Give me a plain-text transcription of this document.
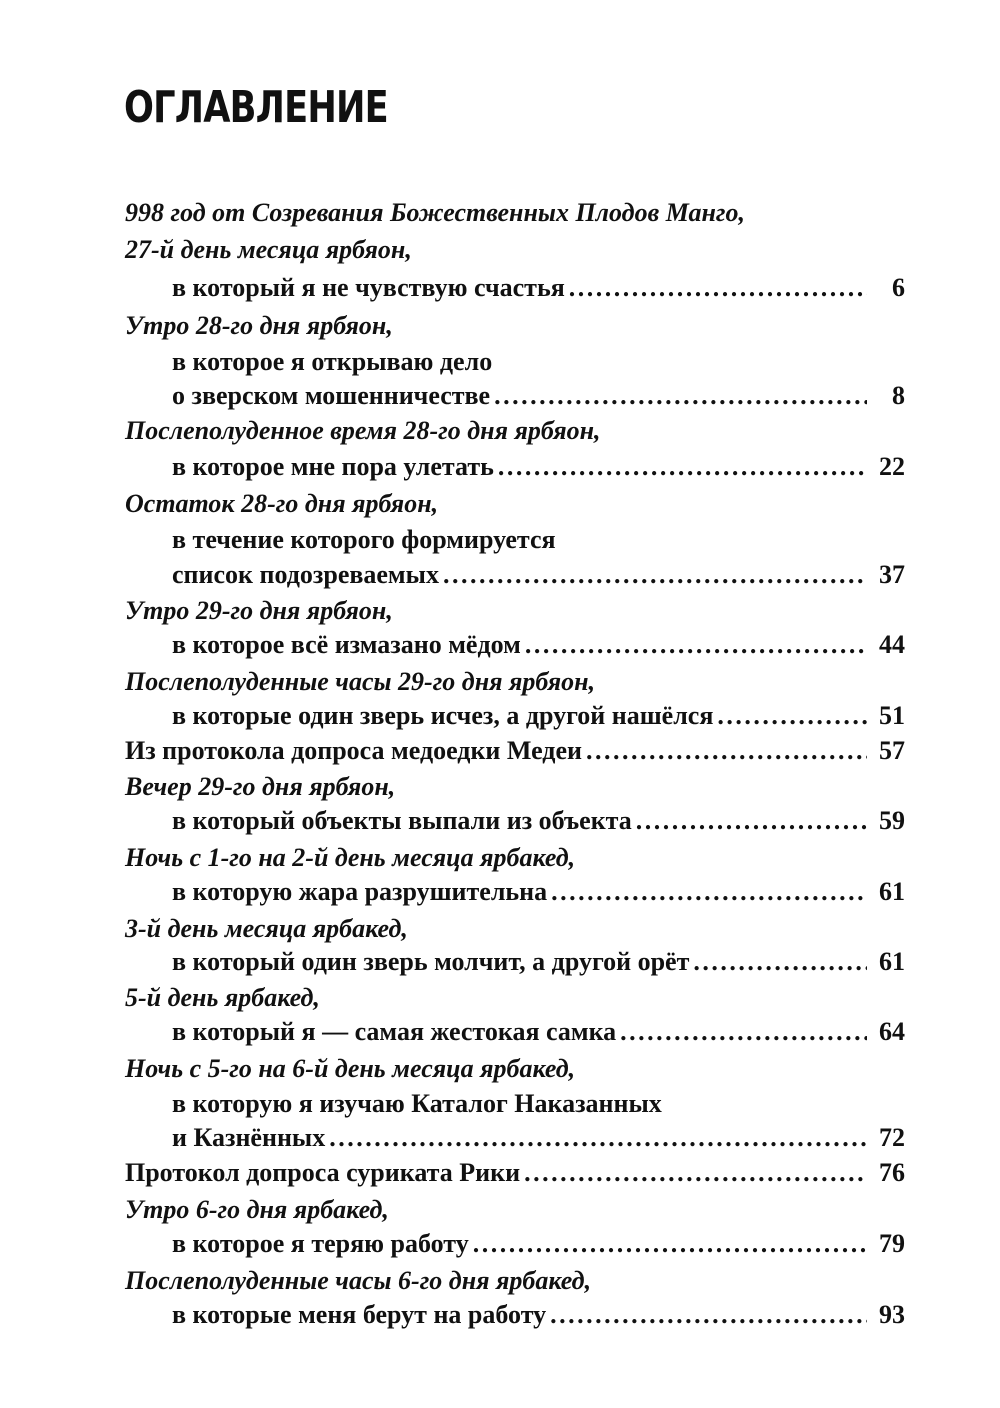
ОГЛАВЛЕНИЕ
998 год от Созревания Божественных Плодов Манго,
27-й день месяца ярбяон,
в который я не чувствую счастья . . .	6
Утро 28-го дня ярбяон,
в которое я открываю дело
о зверском мошенничестве . . .	8
Послеполуденное время 28-го дня ярбяон,
в которое мне пора улетать . . .	22
Остаток 28-го дня ярбяон,
в течение которого формируется
список подозреваемых . . .	37
Утро 29-го дня ярбяон,
в которое всё измазано мёдом . . .	44
Послеполуденные часы 29-го дня ярбяон,
в которые один зверь исчез, а другой нашёлся . . .	51
Из протокола допроса медоедки Медеи . . .	57
Вечер 29-го дня ярбяон,
в который объекты выпали из объекта . . .	59
Ночь с 1-го на 2-й день месяца ярбакед,
в которую жара разрушительна . . .	61
3-й день месяца ярбакед,
в который один зверь молчит, а другой орёт . . .	61
5-й день ярбакед,
в который я — самая жестокая самка . . .	64
Ночь с 5-го на 6-й день месяца ярбакед,
в которую я изучаю Каталог Наказанных
и Казнённых . . .	72
Протокол допроса суриката Рики . . .	76
Утро 6-го дня ярбакед,
в которое я теряю работу . . .	79
Послеполуденные часы 6-го дня ярбакед,
в которые меня берут на работу . . .	93
